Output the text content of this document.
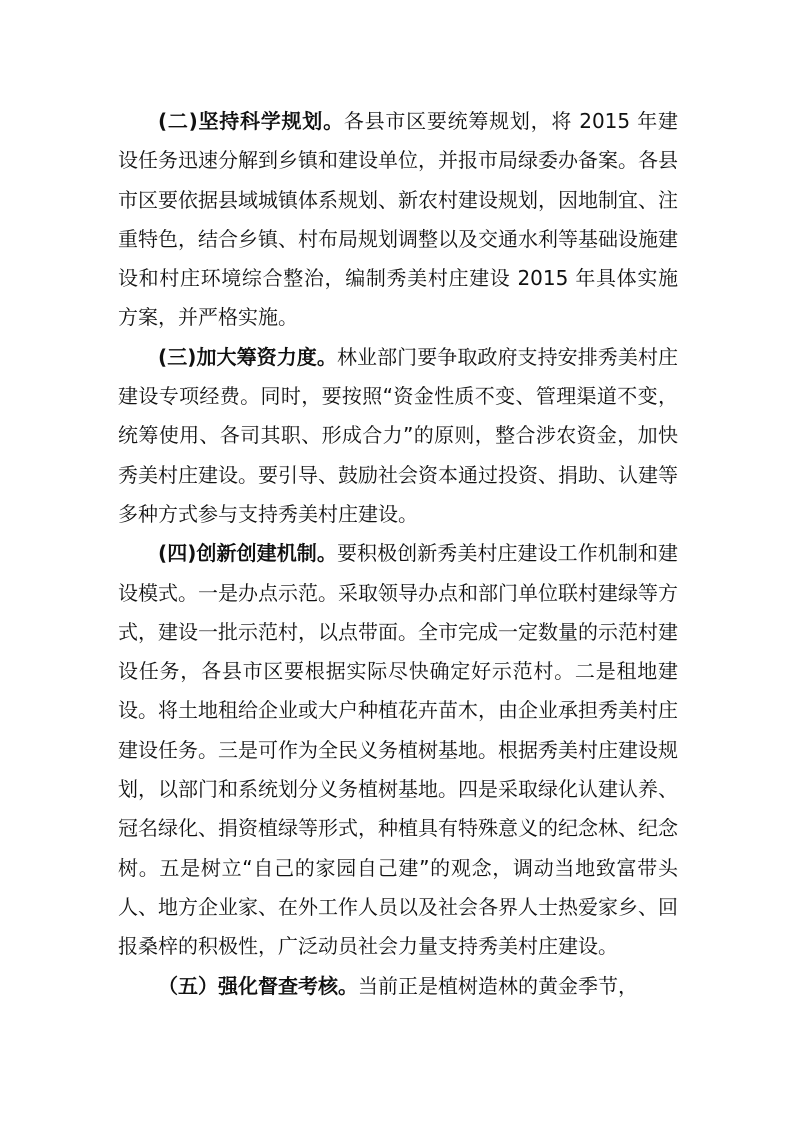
(二)坚持科学规划。各县市区要统筹规划，将 2015 年建设任务迅速分解到乡镇和建设单位，并报市局绿委办备案。各县市区要依据县域城镇体系规划、新农村建设规划，因地制宜、注重特色，结合乡镇、村布局规划调整以及交通水利等基础设施建设和村庄环境综合整治，编制秀美村庄建设 2015 年具体实施方案，并严格实施。

(三)加大筹资力度。林业部门要争取政府支持安排秀美村庄建设专项经费。同时，要按照“资金性质不变、管理渠道不变，统筹使用、各司其职、形成合力”的原则，整合涉农资金，加快秀美村庄建设。要引导、鼓励社会资本通过投资、捐助、认建等多种方式参与支持秀美村庄建设。

(四)创新创建机制。要积极创新秀美村庄建设工作机制和建设模式。一是办点示范。采取领导办点和部门单位联村建绿等方式，建设一批示范村，以点带面。全市完成一定数量的示范村建设任务，各县市区要根据实际尽快确定好示范村。二是租地建设。将土地租给企业或大户种植花卉苗木，由企业承担秀美村庄建设任务。三是可作为全民义务植树基地。根据秀美村庄建设规划，以部门和系统划分义务植树基地。四是采取绿化认建认养、冠名绿化、捐资植绿等形式，种植具有特殊意义的纪念林、纪念树。五是树立“自己的家园自己建”的观念，调动当地致富带头人、地方企业家、在外工作人员以及社会各界人士热爱家乡、回报桑梓的积极性，广泛动员社会力量支持秀美村庄建设。

（五）强化督查考核。当前正是植树造林的黄金季节，
